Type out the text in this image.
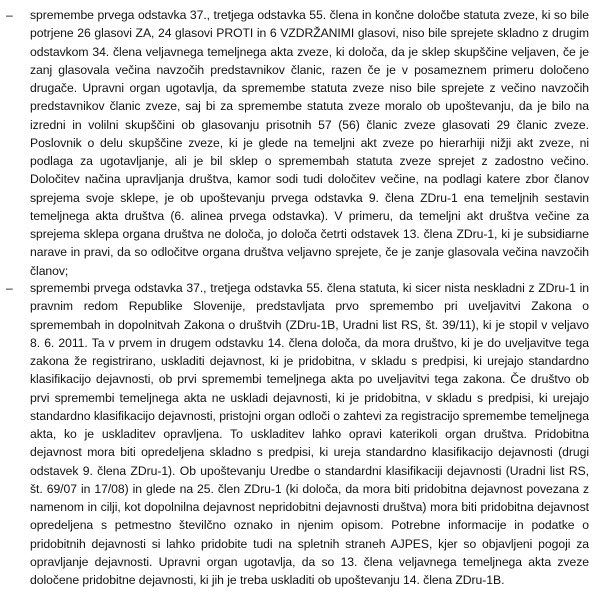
– spremembe prvega odstavka 37., tretjega odstavka 55. člena in končne določbe statuta zveze, ki so bile potrjene 26 glasovi ZA, 24 glasovi PROTI in 6 VZDRŽANIMI glasovi, niso bile sprejete skladno z drugim odstavkom 34. člena veljavnega temeljnega akta zveze, ki določa, da je sklep skupščine veljaven, če je zanj glasovala večina navzočih predstavnikov članic, razen če je v posameznem primeru določeno drugače. Upravni organ ugotavlja, da spremembe statuta zveze niso bile sprejete z večino navzočih predstavnikov članic zveze, saj bi za spremembe statuta zveze moralo ob upoštevanju, da je bilo na izredni in volilni skupščini ob glasovanju prisotnih 57 (56) članic zveze glasovati 29 članic zveze. Poslovnik o delu skupščine zveze, ki je glede na temeljni akt zveze po hierarhiji nižji akt zveze, ni podlaga za ugotavljanje, ali je bil sklep o spremembah statuta zveze sprejet z zadostno večino. Določitev načina upravljanja društva, kamor sodi tudi določitev večine, na podlagi katere zbor članov sprejema svoje sklepe, je ob upoštevanju prvega odstavka 9. člena ZDru-1 ena temeljnih sestavin temeljnega akta društva (6. alinea prvega odstavka). V primeru, da temeljni akt društva večine za sprejema sklepa organa društva ne določa, jo določa četrti odstavek 13. člena ZDru-1, ki je subsidiarne narave in pravi, da so odločitve organa društva veljavno sprejete, če je zanje glasovala večina navzočih članov;
– spremembi prvega odstavka 37., tretjega odstavka 55. člena statuta, ki sicer nista neskladni z ZDru-1 in pravnim redom Republike Slovenije, predstavljata prvo spremembo pri uveljavitvi Zakona o spremembah in dopolnitvah Zakona o društvih (ZDru-1B, Uradni list RS, št. 39/11), ki je stopil v veljavo 8. 6. 2011. Ta v prvem in drugem odstavku 14. člena določa, da mora društvo, ki je do uveljavitve tega zakona že registrirano, uskladiti dejavnost, ki je pridobitna, v skladu s predpisi, ki urejajo standardno klasifikacijo dejavnosti, ob prvi spremembi temeljnega akta po uveljavitvi tega zakona. Če društvo ob prvi spremembi temeljnega akta ne uskladi dejavnosti, ki je pridobitna, v skladu s predpisi, ki urejajo standardno klasifikacijo dejavnosti, pristojni organ odloči o zahtevi za registracijo spremembe temeljnega akta, ko je uskladitev opravljena. To uskladitev lahko opravi katerikoli organ društva. Pridobitna dejavnost mora biti opredeljena skladno s predpisi, ki ureja standardno klasifikacijo dejavnosti (drugi odstavek 9. člena ZDru-1). Ob upoštevanju Uredbe o standardni klasifikaciji dejavnosti (Uradni list RS, št. 69/07 in 17/08) in glede na 25. člen ZDru-1 (ki določa, da mora biti pridobitna dejavnost povezana z namenom in cilji, kot dopolnilna dejavnost nepridobitni dejavnosti društva) mora biti pridobitna dejavnost opredeljena s petmestno številčno oznako in njenim opisom. Potrebne informacije in podatke o pridobitnih dejavnosti si lahko pridobite tudi na spletnih straneh AJPES, kjer so objavljeni pogoji za opravljanje dejavnosti. Upravni organ ugotavlja, da so 13. člena veljavnega temeljnega akta zveze določene pridobitne dejavnosti, ki jih je treba uskladiti ob upoštevanju 14. člena ZDru-1B.
